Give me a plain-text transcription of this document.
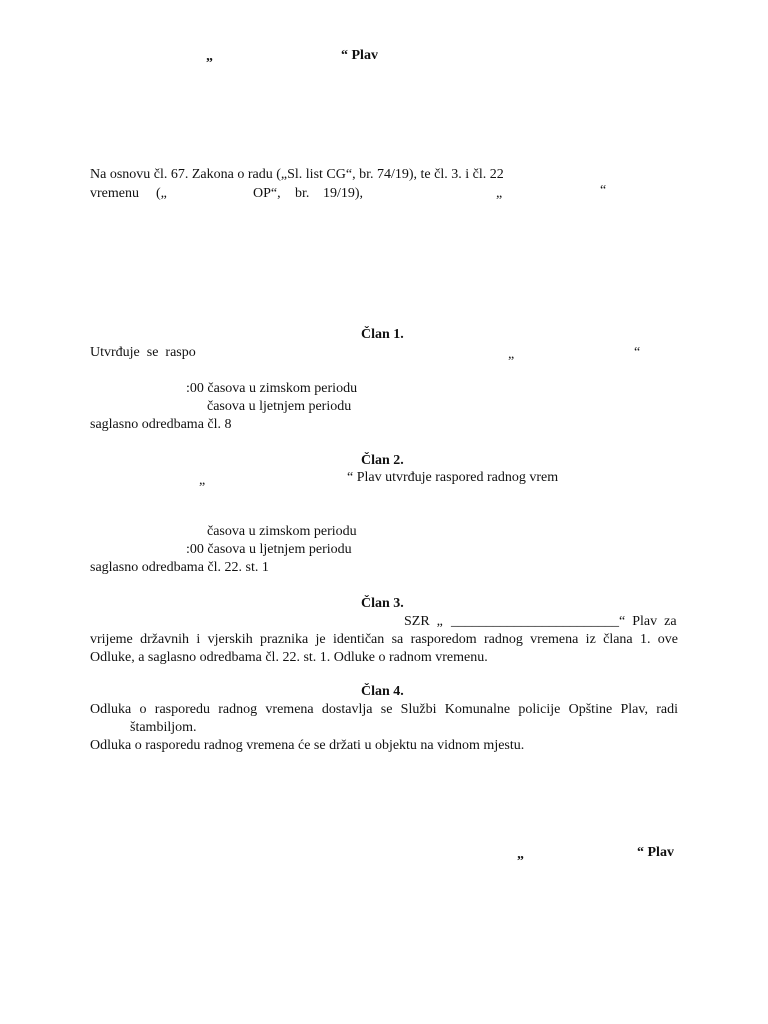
„	“ Plav
Na osnovu čl. 67. Zakona o radu („Sl. list CG“, br. 74/19), te čl. 3. i čl. 22
vremenu („	OP“, br. 19/19),	„	“
Član 1.
Utvrđuje  se  raspo	„	“
:00 časova u zimskom periodu
časova u ljetnjem periodu
saglasno odredbama čl. 8
Član 2.
„	“ Plav utvrđuje raspored radnog vrem
časova u zimskom periodu
:00 časova u ljetnjem periodu
saglasno odredbama čl. 22. st. 1
Član 3.
SZR  „ ________________________ “  Plav  za
vrijeme državnih i vjerskih praznika je identičan sa rasporedom radnog vremena iz člana 1. ove
Odluke, a saglasno odredbama čl. 22. st. 1. Odluke o radnom vremenu.
Član 4.
Odluka o rasporedu radnog vremena dostavlja se Službi Komunalne policije Opštine Plav, radi
štambiljom.
Odluka o rasporedu radnog vremena će se držati u objektu na vidnom mjestu.
„	“ Plav
